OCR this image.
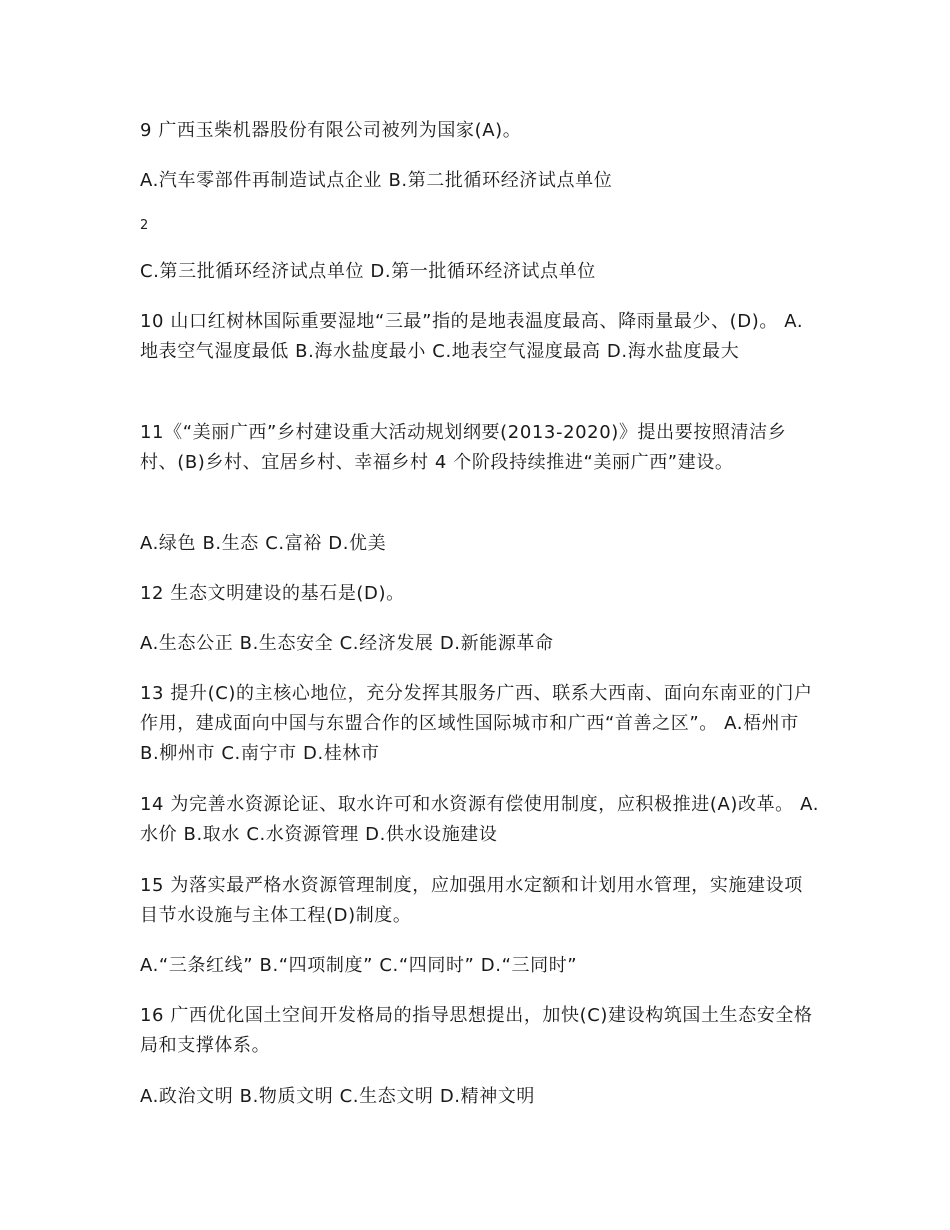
9 广西玉柴机器股份有限公司被列为国家(A)。
A.汽车零部件再制造试点企业 B.第二批循环经济试点单位
2
C.第三批循环经济试点单位 D.第一批循环经济试点单位
10 山口红树林国际重要湿地“三最”指的是地表温度最高、降雨量最少、(D)。 A.地表空气湿度最低 B.海水盐度最小 C.地表空气湿度最高 D.海水盐度最大
11《“美丽广西”乡村建设重大活动规划纲要(2013-2020)》提出要按照清洁乡村、(B)乡村、宜居乡村、幸福乡村 4 个阶段持续推进“美丽广西”建设。
A.绿色 B.生态 C.富裕 D.优美
12 生态文明建设的基石是(D)。
A.生态公正 B.生态安全 C.经济发展 D.新能源革命
13 提升(C)的主核心地位，充分发挥其服务广西、联系大西南、面向东南亚的门户作用，建成面向中国与东盟合作的区域性国际城市和广西“首善之区”。 A.梧州市 B.柳州市 C.南宁市 D.桂林市
14 为完善水资源论证、取水许可和水资源有偿使用制度，应积极推进(A)改革。 A.水价 B.取水 C.水资源管理 D.供水设施建设
15 为落实最严格水资源管理制度，应加强用水定额和计划用水管理，实施建设项目节水设施与主体工程(D)制度。
A.“三条红线” B.“四项制度” C.“四同时” D.“三同时”
16 广西优化国土空间开发格局的指导思想提出，加快(C)建设构筑国土生态安全格局和支撑体系。
A.政治文明 B.物质文明 C.生态文明 D.精神文明
